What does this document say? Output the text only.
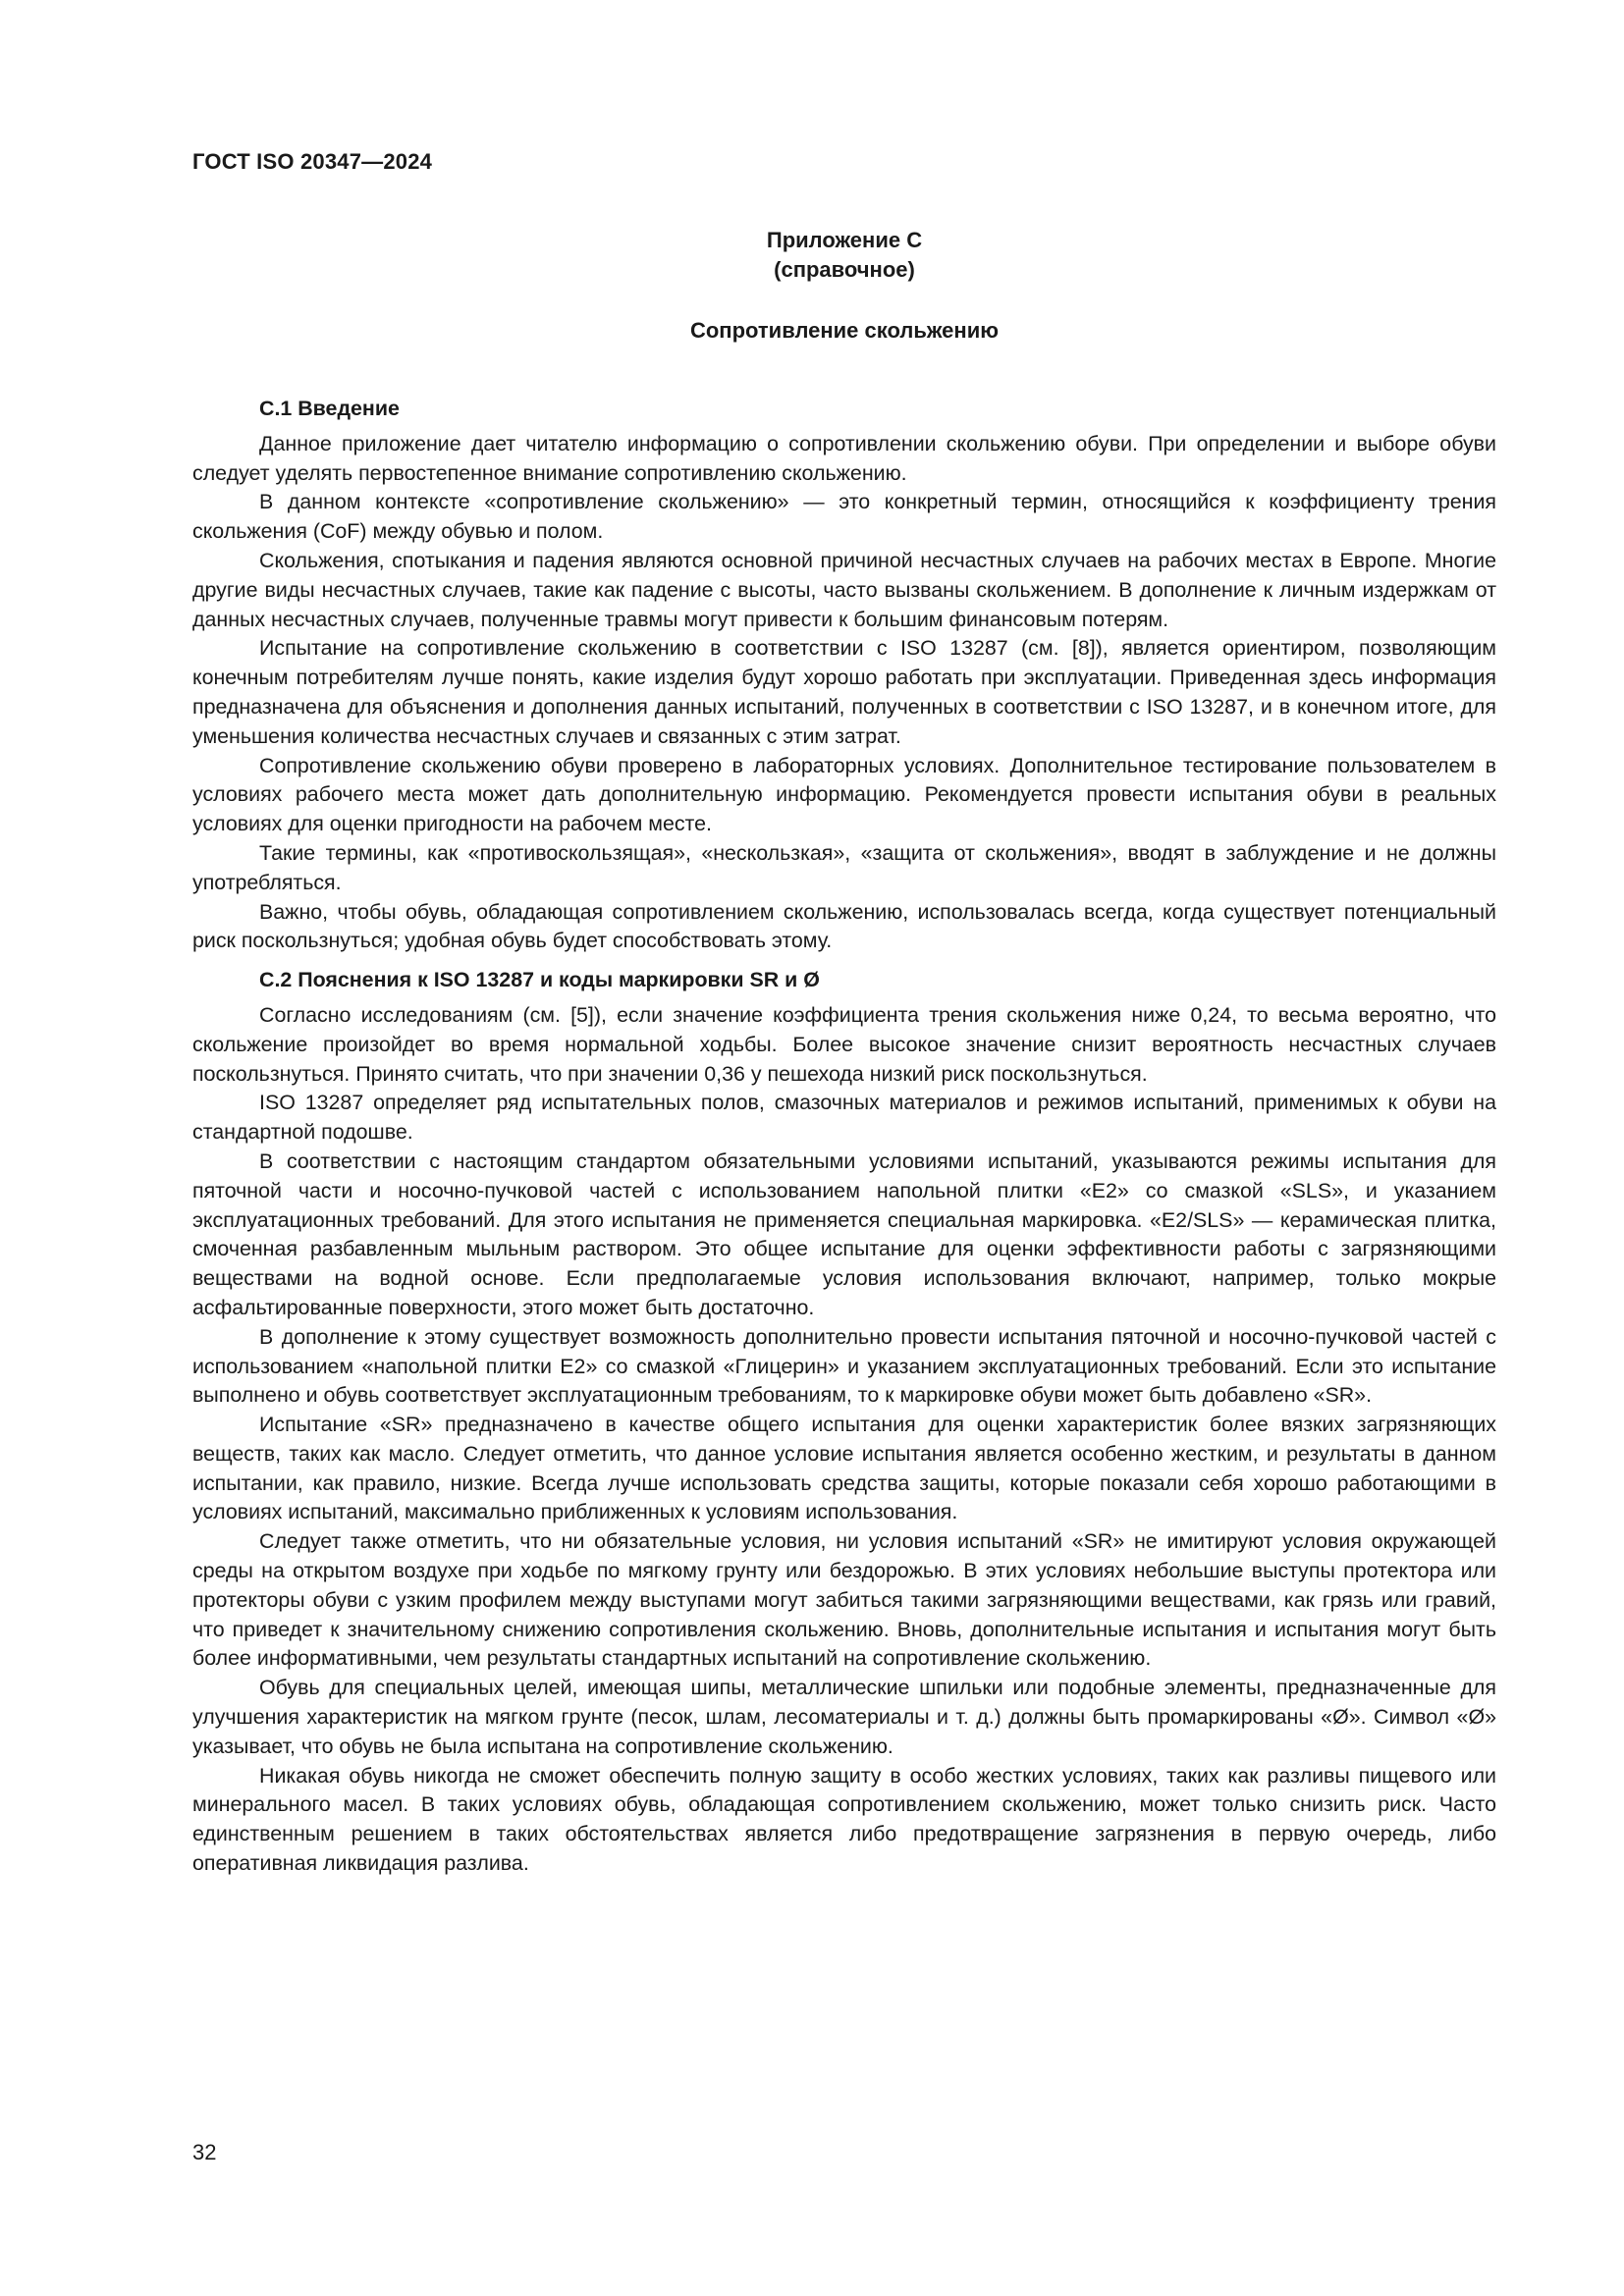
ГОСТ ISO 20347—2024
Приложение С
(справочное)
Сопротивление скольжению
С.1 Введение

Данное приложение дает читателю информацию о сопротивлении скольжению обуви. При определении и выборе обуви следует уделять первостепенное внимание сопротивлению скольжению.

В данном контексте «сопротивление скольжению» — это конкретный термин, относящийся к коэффициенту трения скольжения (CoF) между обувью и полом.

Скольжения, спотыкания и падения являются основной причиной несчастных случаев на рабочих местах в Европе. Многие другие виды несчастных случаев, такие как падение с высоты, часто вызваны скольжением. В дополнение к личным издержкам от данных несчастных случаев, полученные травмы могут привести к большим финансовым потерям.

Испытание на сопротивление скольжению в соответствии с ISO 13287 (см. [8]), является ориентиром, позволяющим конечным потребителям лучше понять, какие изделия будут хорошо работать при эксплуатации. Приведенная здесь информация предназначена для объяснения и дополнения данных испытаний, полученных в соответствии с ISO 13287, и в конечном итоге, для уменьшения количества несчастных случаев и связанных с этим затрат.

Сопротивление скольжению обуви проверено в лабораторных условиях. Дополнительное тестирование пользователем в условиях рабочего места может дать дополнительную информацию. Рекомендуется провести испытания обуви в реальных условиях для оценки пригодности на рабочем месте.

Такие термины, как «противоскользящая», «нескользкая», «защита от скольжения», вводят в заблуждение и не должны употребляться.

Важно, чтобы обувь, обладающая сопротивлением скольжению, использовалась всегда, когда существует потенциальный риск поскользнуться; удобная обувь будет способствовать этому.

С.2 Пояснения к ISO 13287 и коды маркировки SR и Ø

Согласно исследованиям (см. [5]), если значение коэффициента трения скольжения ниже 0,24, то весьма вероятно, что скольжение произойдет во время нормальной ходьбы. Более высокое значение снизит вероятность несчастных случаев поскользнуться. Принято считать, что при значении 0,36 у пешехода низкий риск поскользнуться.

ISO 13287 определяет ряд испытательных полов, смазочных материалов и режимов испытаний, применимых к обуви на стандартной подошве.

В соответствии с настоящим стандартом обязательными условиями испытаний, указываются режимы испытания для пяточной части и носочно-пучковой частей с использованием напольной плитки «E2» со смазкой «SLS», и указанием эксплуатационных требований. Для этого испытания не применяется специальная маркировка. «E2/SLS» — керамическая плитка, смоченная разбавленным мыльным раствором. Это общее испытание для оценки эффективности работы с загрязняющими веществами на водной основе. Если предполагаемые условия использования включают, например, только мокрые асфальтированные поверхности, этого может быть достаточно.

В дополнение к этому существует возможность дополнительно провести испытания пяточной и носочно-пучковой частей с использованием «напольной плитки E2» со смазкой «Глицерин» и указанием эксплуатационных требований. Если это испытание выполнено и обувь соответствует эксплуатационным требованиям, то к маркировке обуви может быть добавлено «SR».

Испытание «SR» предназначено в качестве общего испытания для оценки характеристик более вязких загрязняющих веществ, таких как масло. Следует отметить, что данное условие испытания является особенно жестким, и результаты в данном испытании, как правило, низкие. Всегда лучше использовать средства защиты, которые показали себя хорошо работающими в условиях испытаний, максимально приближенных к условиям использования.

Следует также отметить, что ни обязательные условия, ни условия испытаний «SR» не имитируют условия окружающей среды на открытом воздухе при ходьбе по мягкому грунту или бездорожью. В этих условиях небольшие выступы протектора или протекторы обуви с узким профилем между выступами могут забиться такими загрязняющими веществами, как грязь или гравий, что приведет к значительному снижению сопротивления скольжению. Вновь, дополнительные испытания и испытания могут быть более информативными, чем результаты стандартных испытаний на сопротивление скольжению.

Обувь для специальных целей, имеющая шипы, металлические шпильки или подобные элементы, предназначенные для улучшения характеристик на мягком грунте (песок, шлам, лесоматериалы и т. д.) должны быть промаркированы «Ø». Символ «Ø» указывает, что обувь не была испытана на сопротивление скольжению.

Никакая обувь никогда не сможет обеспечить полную защиту в особо жестких условиях, таких как разливы пищевого или минерального масел. В таких условиях обувь, обладающая сопротивлением скольжению, может только снизить риск. Часто единственным решением в таких обстоятельствах является либо предотвращение загрязнения в первую очередь, либо оперативная ликвидация разлива.

32
